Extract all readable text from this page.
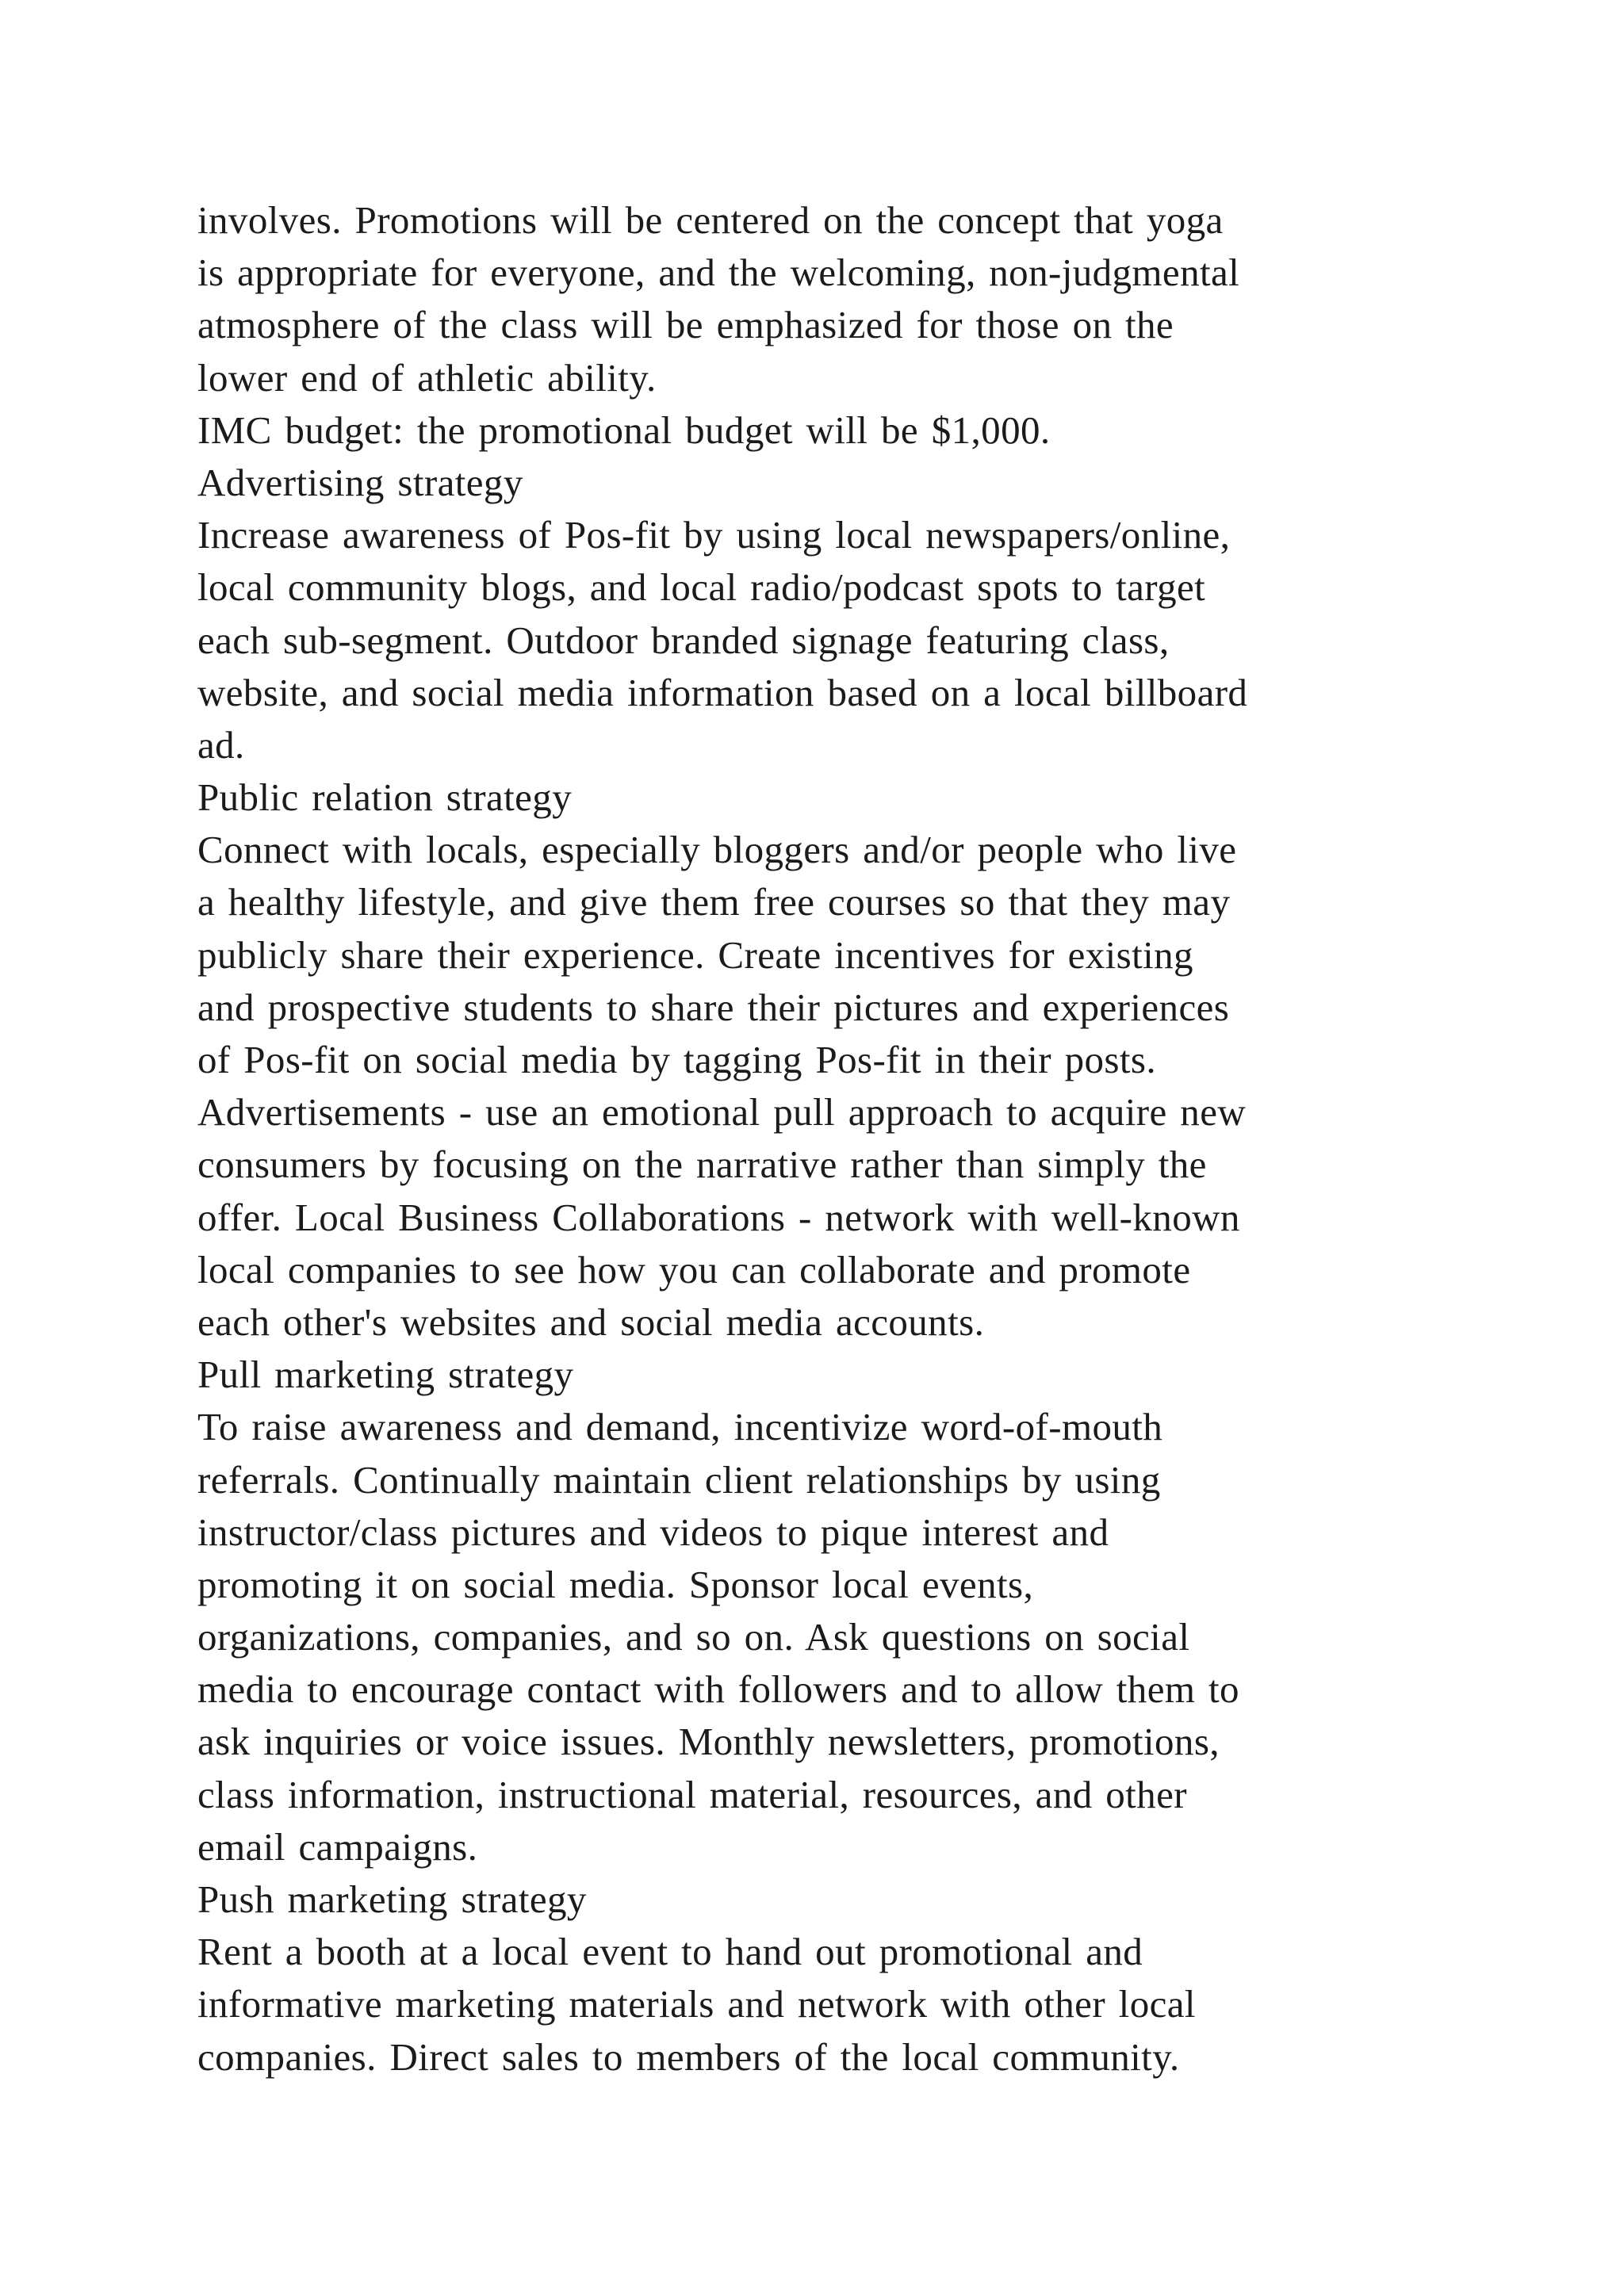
involves. Promotions will be centered on the concept that yoga
is appropriate for everyone, and the welcoming, non-judgmental
atmosphere of the class will be emphasized for those on the
lower end of athletic ability.
IMC budget: the promotional budget will be $1,000.
Advertising strategy
Increase awareness of Pos-fit by using local newspapers/online,
local community blogs, and local radio/podcast spots to target
each sub-segment. Outdoor branded signage featuring class,
website, and social media information based on a local billboard
ad.
Public relation strategy
Connect with locals, especially bloggers and/or people who live
a healthy lifestyle, and give them free courses so that they may
publicly share their experience. Create incentives for existing
and prospective students to share their pictures and experiences
of Pos-fit on social media by tagging Pos-fit in their posts.
Advertisements - use an emotional pull approach to acquire new
consumers by focusing on the narrative rather than simply the
offer. Local Business Collaborations - network with well-known
local companies to see how you can collaborate and promote
each other's websites and social media accounts.
Pull marketing strategy
To raise awareness and demand, incentivize word-of-mouth
referrals. Continually maintain client relationships by using
instructor/class pictures and videos to pique interest and
promoting it on social media. Sponsor local events,
organizations, companies, and so on. Ask questions on social
media to encourage contact with followers and to allow them to
ask inquiries or voice issues. Monthly newsletters, promotions,
class information, instructional material, resources, and other
email campaigns.
Push marketing strategy
Rent a booth at a local event to hand out promotional and
informative marketing materials and network with other local
companies. Direct sales to members of the local community.
